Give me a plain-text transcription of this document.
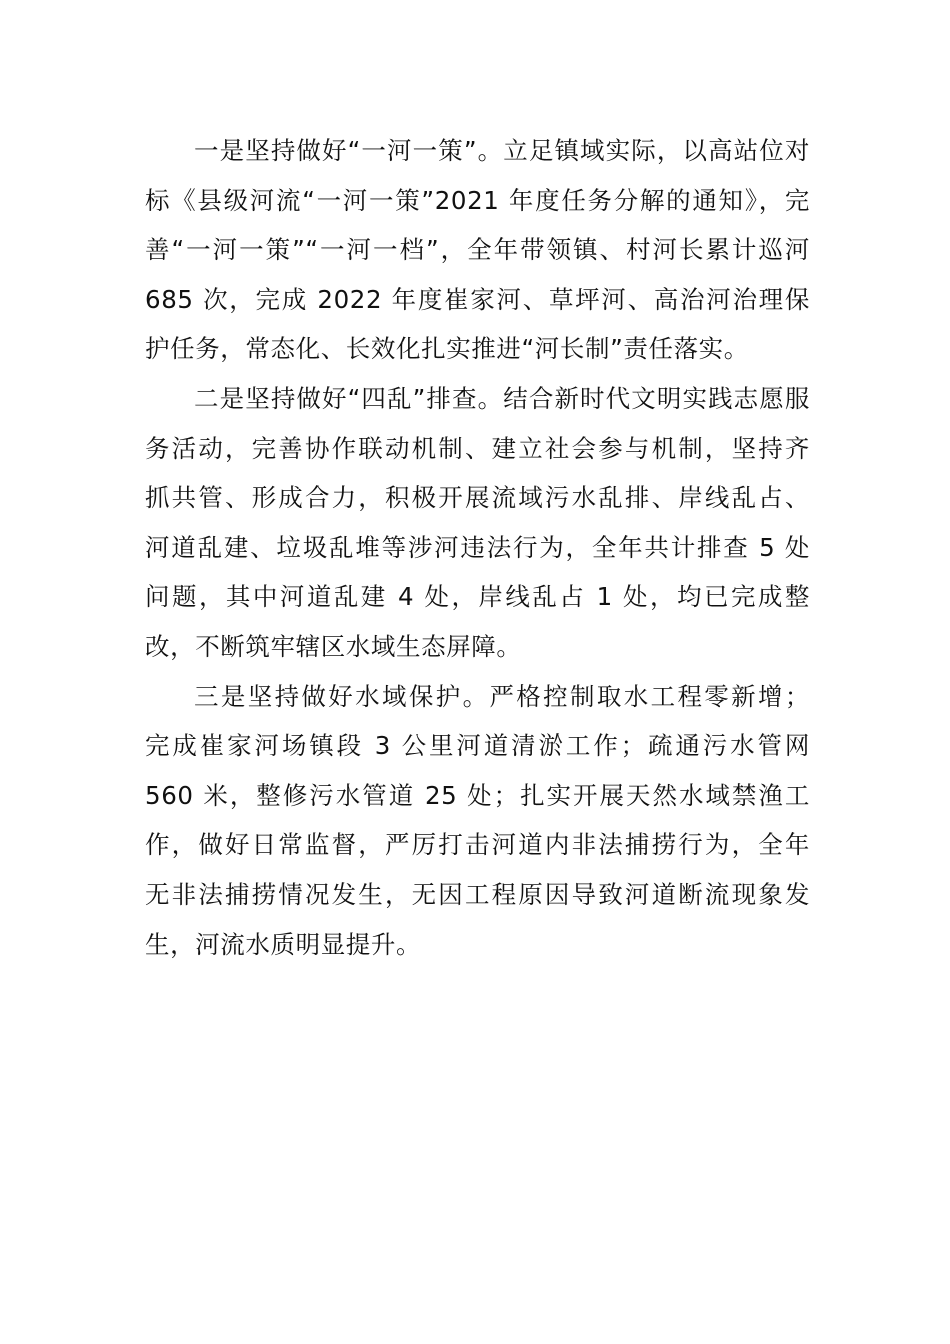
一是坚持做好“一河一策”。立足镇域实际，以高站位对
标《县级河流“一河一策”2021 年度任务分解的通知》，完
善“一河一策”“一河一档”，全年带领镇、村河长累计巡河
685 次，完成 2022 年度崔家河、草坪河、高治河治理保
护任务，常态化、长效化扎实推进“河长制”责任落实。
二是坚持做好“四乱”排查。结合新时代文明实践志愿服
务活动，完善协作联动机制、建立社会参与机制，坚持齐
抓共管、形成合力，积极开展流域污水乱排、岸线乱占、
河道乱建、垃圾乱堆等涉河违法行为，全年共计排查 5 处
问题，其中河道乱建 4 处，岸线乱占 1 处，均已完成整
改，不断筑牢辖区水域生态屏障。
三是坚持做好水域保护。严格控制取水工程零新增；
完成崔家河场镇段 3 公里河道清淤工作；疏通污水管网
560 米，整修污水管道 25 处；扎实开展天然水域禁渔工
作，做好日常监督，严厉打击河道内非法捕捞行为，全年
无非法捕捞情况发生，无因工程原因导致河道断流现象发
生，河流水质明显提升。
